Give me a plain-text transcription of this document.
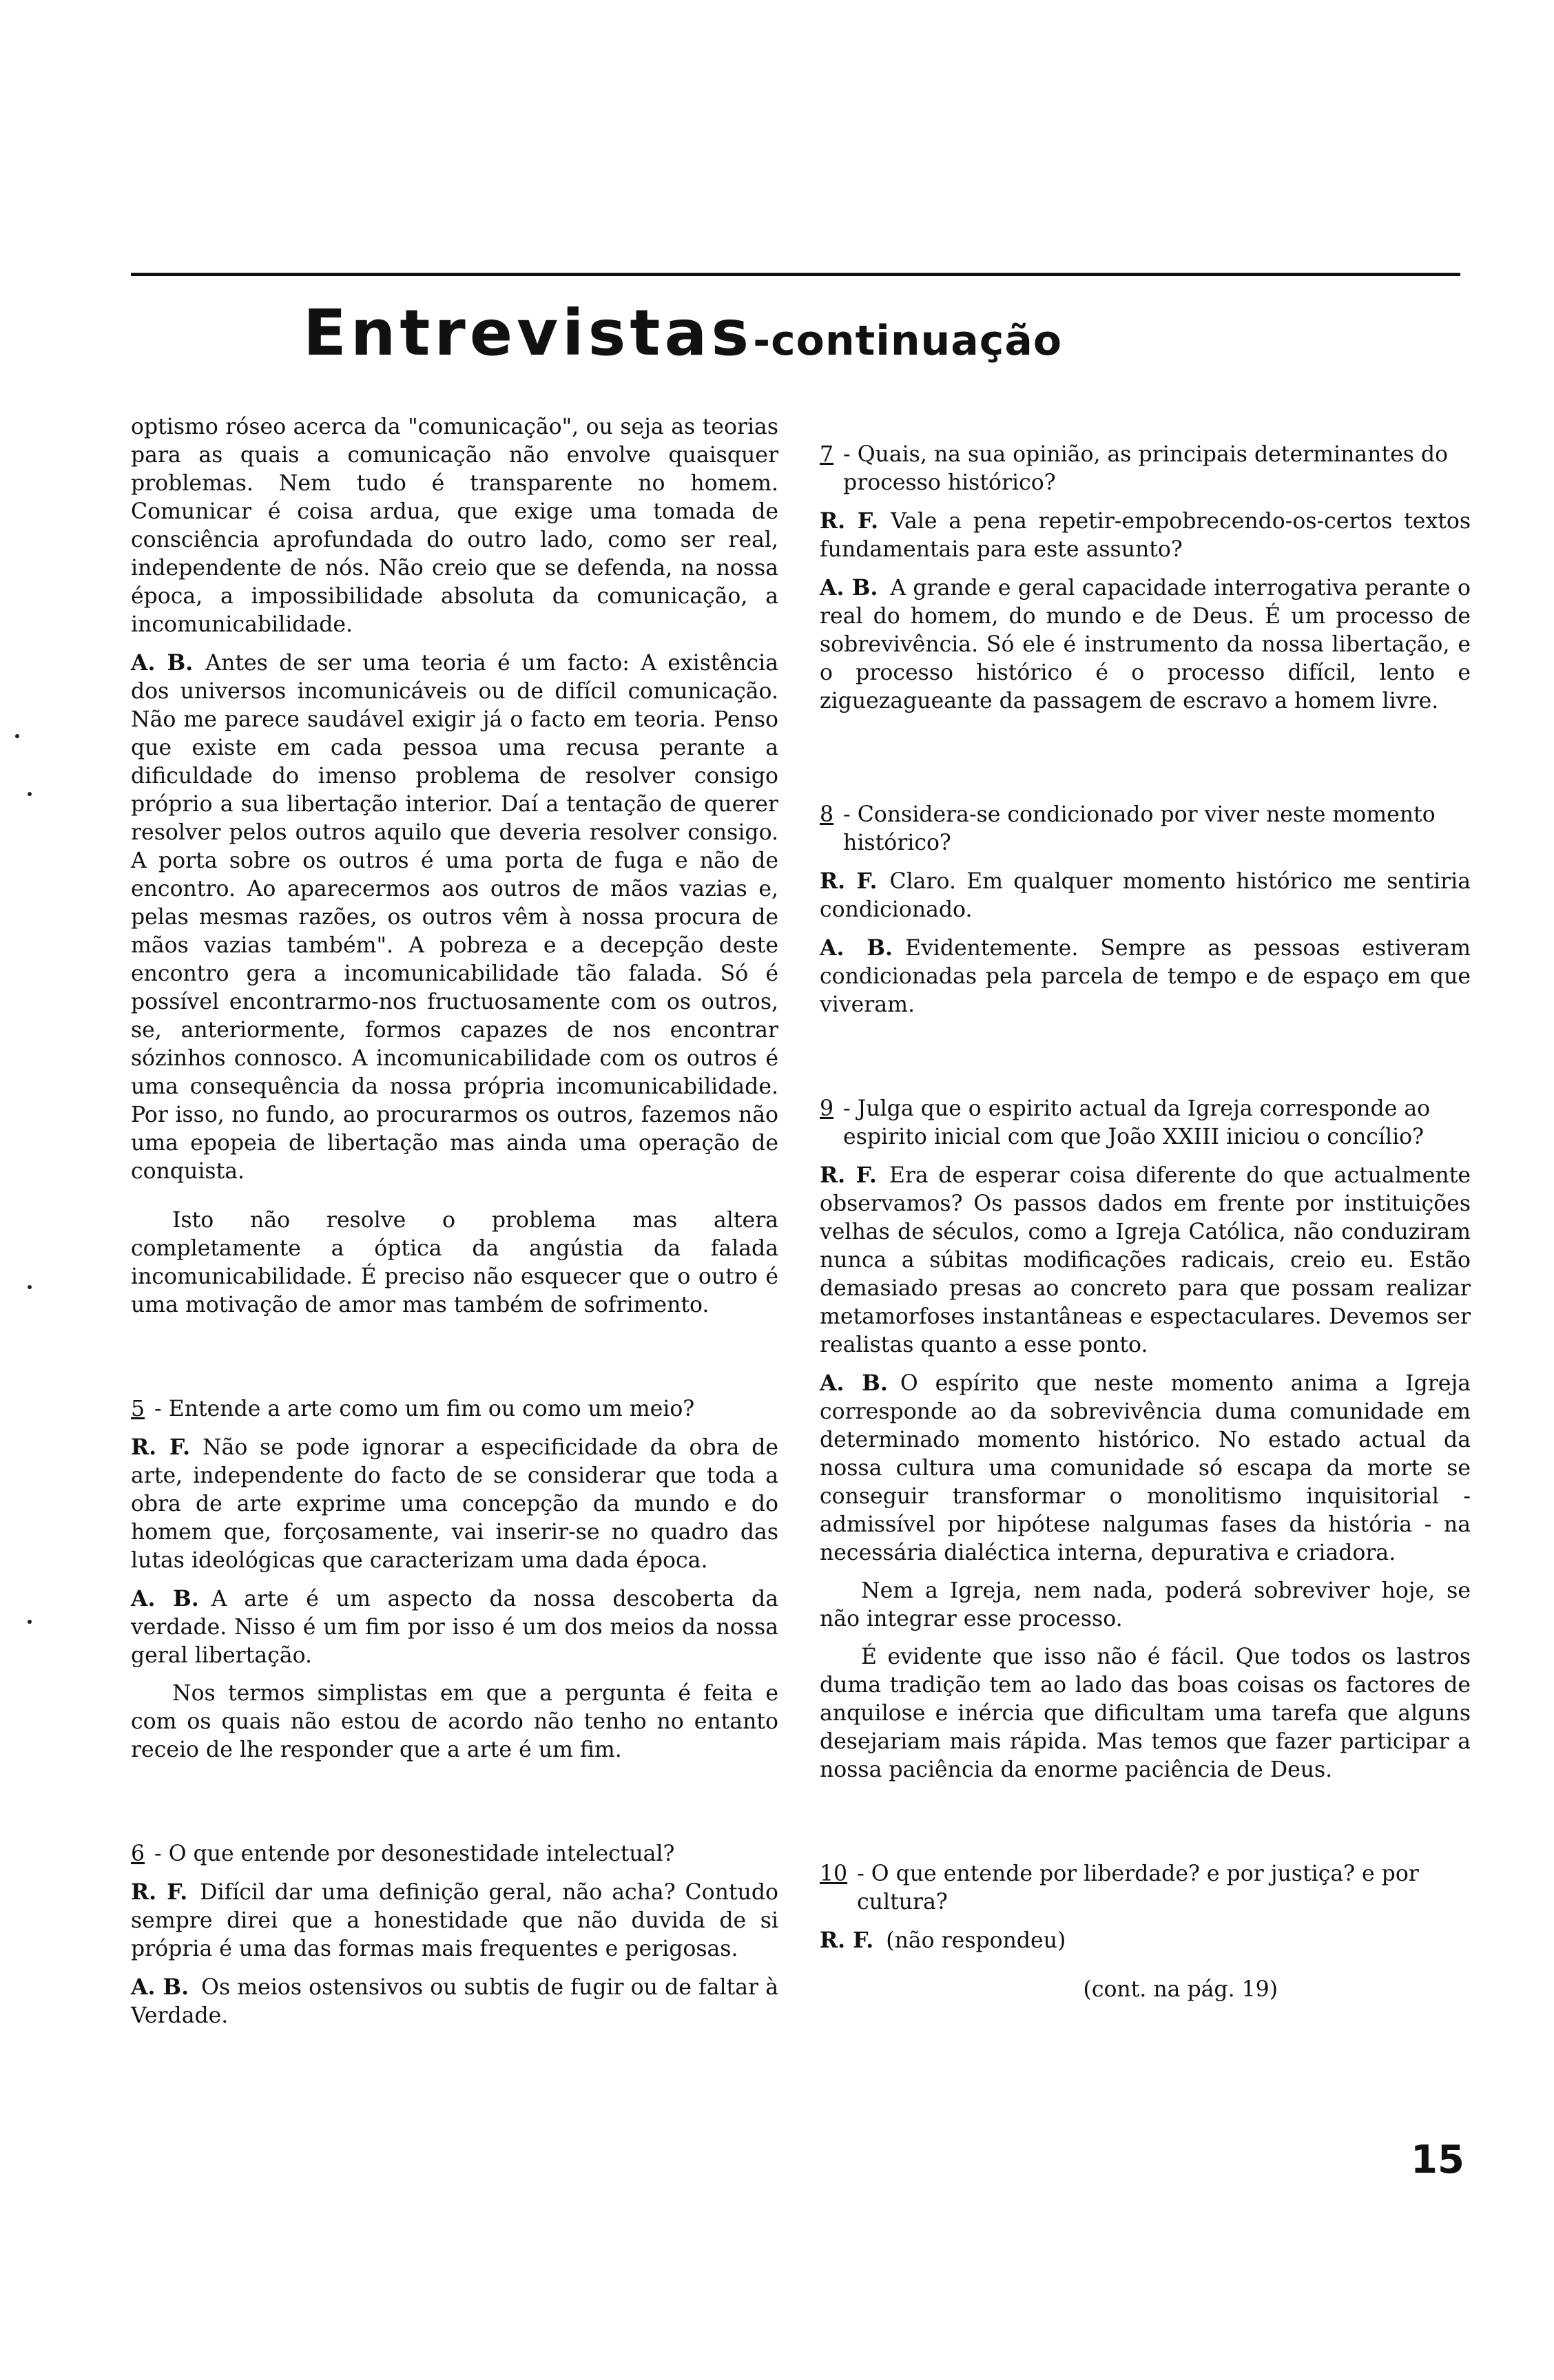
Entrevistas-continuação

optismo róseo acerca da "comunicação", ou seja as teorias para as quais a comunicação não envolve quaisquer problemas. Nem tudo é transparente no homem. Comunicar é coisa ardua, que exige uma tomada de consciência aprofundada do outro lado, como ser real, independente de nós. Não creio que se defenda, na nossa época, a impossibilidade absoluta da comunicação, a incomunicabilidade.

A. B. Antes de ser uma teoria é um facto: A existência dos universos incomunicáveis ou de difícil comunicação. Não me parece saudável exigir já o facto em teoria. Penso que existe em cada pessoa uma recusa perante a dificuldade do imenso problema de resolver consigo próprio a sua libertação interior. Daí a tentação de querer resolver pelos outros aquilo que deveria resolver consigo. A porta sobre os outros é uma porta de fuga e não de encontro. Ao aparecermos aos outros de mãos vazias e, pelas mesmas razões, os outros vêm à nossa procura de mãos vazias também". A pobreza e a decepção deste encontro gera a incomunicabilidade tão falada. Só é possível encontrarmo-nos fructuosamente com os outros, se, anteriormente, formos capazes de nos encontrar sózinhos connosco. A incomunicabilidade com os outros é uma consequência da nossa própria incomunicabilidade. Por isso, no fundo, ao procurarmos os outros, fazemos não uma epopeia de libertação mas ainda uma operação de conquista.

Isto não resolve o problema mas altera completamente a óptica da angústia da falada incomunicabilidade. É preciso não esquecer que o outro é uma motivação de amor mas também de sofrimento.

5 - Entende a arte como um fim ou como um meio?

R. F. Não se pode ignorar a especificidade da obra de arte, independente do facto de se considerar que toda a obra de arte exprime uma concepção da mundo e do homem que, forçosamente, vai inserir-se no quadro das lutas ideológicas que caracterizam uma dada época.

A. B. A arte é um aspecto da nossa descoberta da verdade. Nisso é um fim por isso é um dos meios da nossa geral libertação.

Nos termos simplistas em que a pergunta é feita e com os quais não estou de acordo não tenho no entanto receio de lhe responder que a arte é um fim.

6 - O que entende por desonestidade intelectual?

R. F. Difícil dar uma definição geral, não acha? Contudo sempre direi que a honestidade que não duvida de si própria é uma das formas mais frequentes e perigosas.

A. B. Os meios ostensivos ou subtis de fugir ou de faltar à Verdade.

7 - Quais, na sua opinião, as principais determinantes do processo histórico?

R. F. Vale a pena repetir-empobrecendo-os-certos textos fundamentais para este assunto?

A. B. A grande e geral capacidade interrogativa perante o real do homem, do mundo e de Deus. É um processo de sobrevivência. Só ele é instrumento da nossa libertação, e o processo histórico é o processo difícil, lento e ziguezagueante da passagem de escravo a homem livre.

8 - Considera-se condicionado por viver neste momento histórico?

R. F. Claro. Em qualquer momento histórico me sentiria condicionado.

A. B. Evidentemente. Sempre as pessoas estiveram condicionadas pela parcela de tempo e de espaço em que viveram.

9 - Julga que o espirito actual da Igreja corresponde ao espirito inicial com que João XXIII iniciou o concílio?

R. F. Era de esperar coisa diferente do que actualmente observamos? Os passos dados em frente por instituições velhas de séculos, como a Igreja Católica, não conduziram nunca a súbitas modificações radicais, creio eu. Estão demasiado presas ao concreto para que possam realizar metamorfoses instantâneas e espectaculares. Devemos ser realistas quanto a esse ponto.

A. B. O espírito que neste momento anima a Igreja corresponde ao da sobrevivência duma comunidade em determinado momento histórico. No estado actual da nossa cultura uma comunidade só escapa da morte se conseguir transformar o monolitismo inquisitorial - admissível por hipótese nalgumas fases da história - na necessária dialéctica interna, depurativa e criadora.

Nem a Igreja, nem nada, poderá sobreviver hoje, se não integrar esse processo.

É evidente que isso não é fácil. Que todos os lastros duma tradição tem ao lado das boas coisas os factores de anquilose e inércia que dificultam uma tarefa que alguns desejariam mais rápida. Mas temos que fazer participar a nossa paciência da enorme paciência de Deus.

10 - O que entende por liberdade? e por justiça? e por cultura?

R. F. (não respondeu)

(cont. na pág. 19)
15
